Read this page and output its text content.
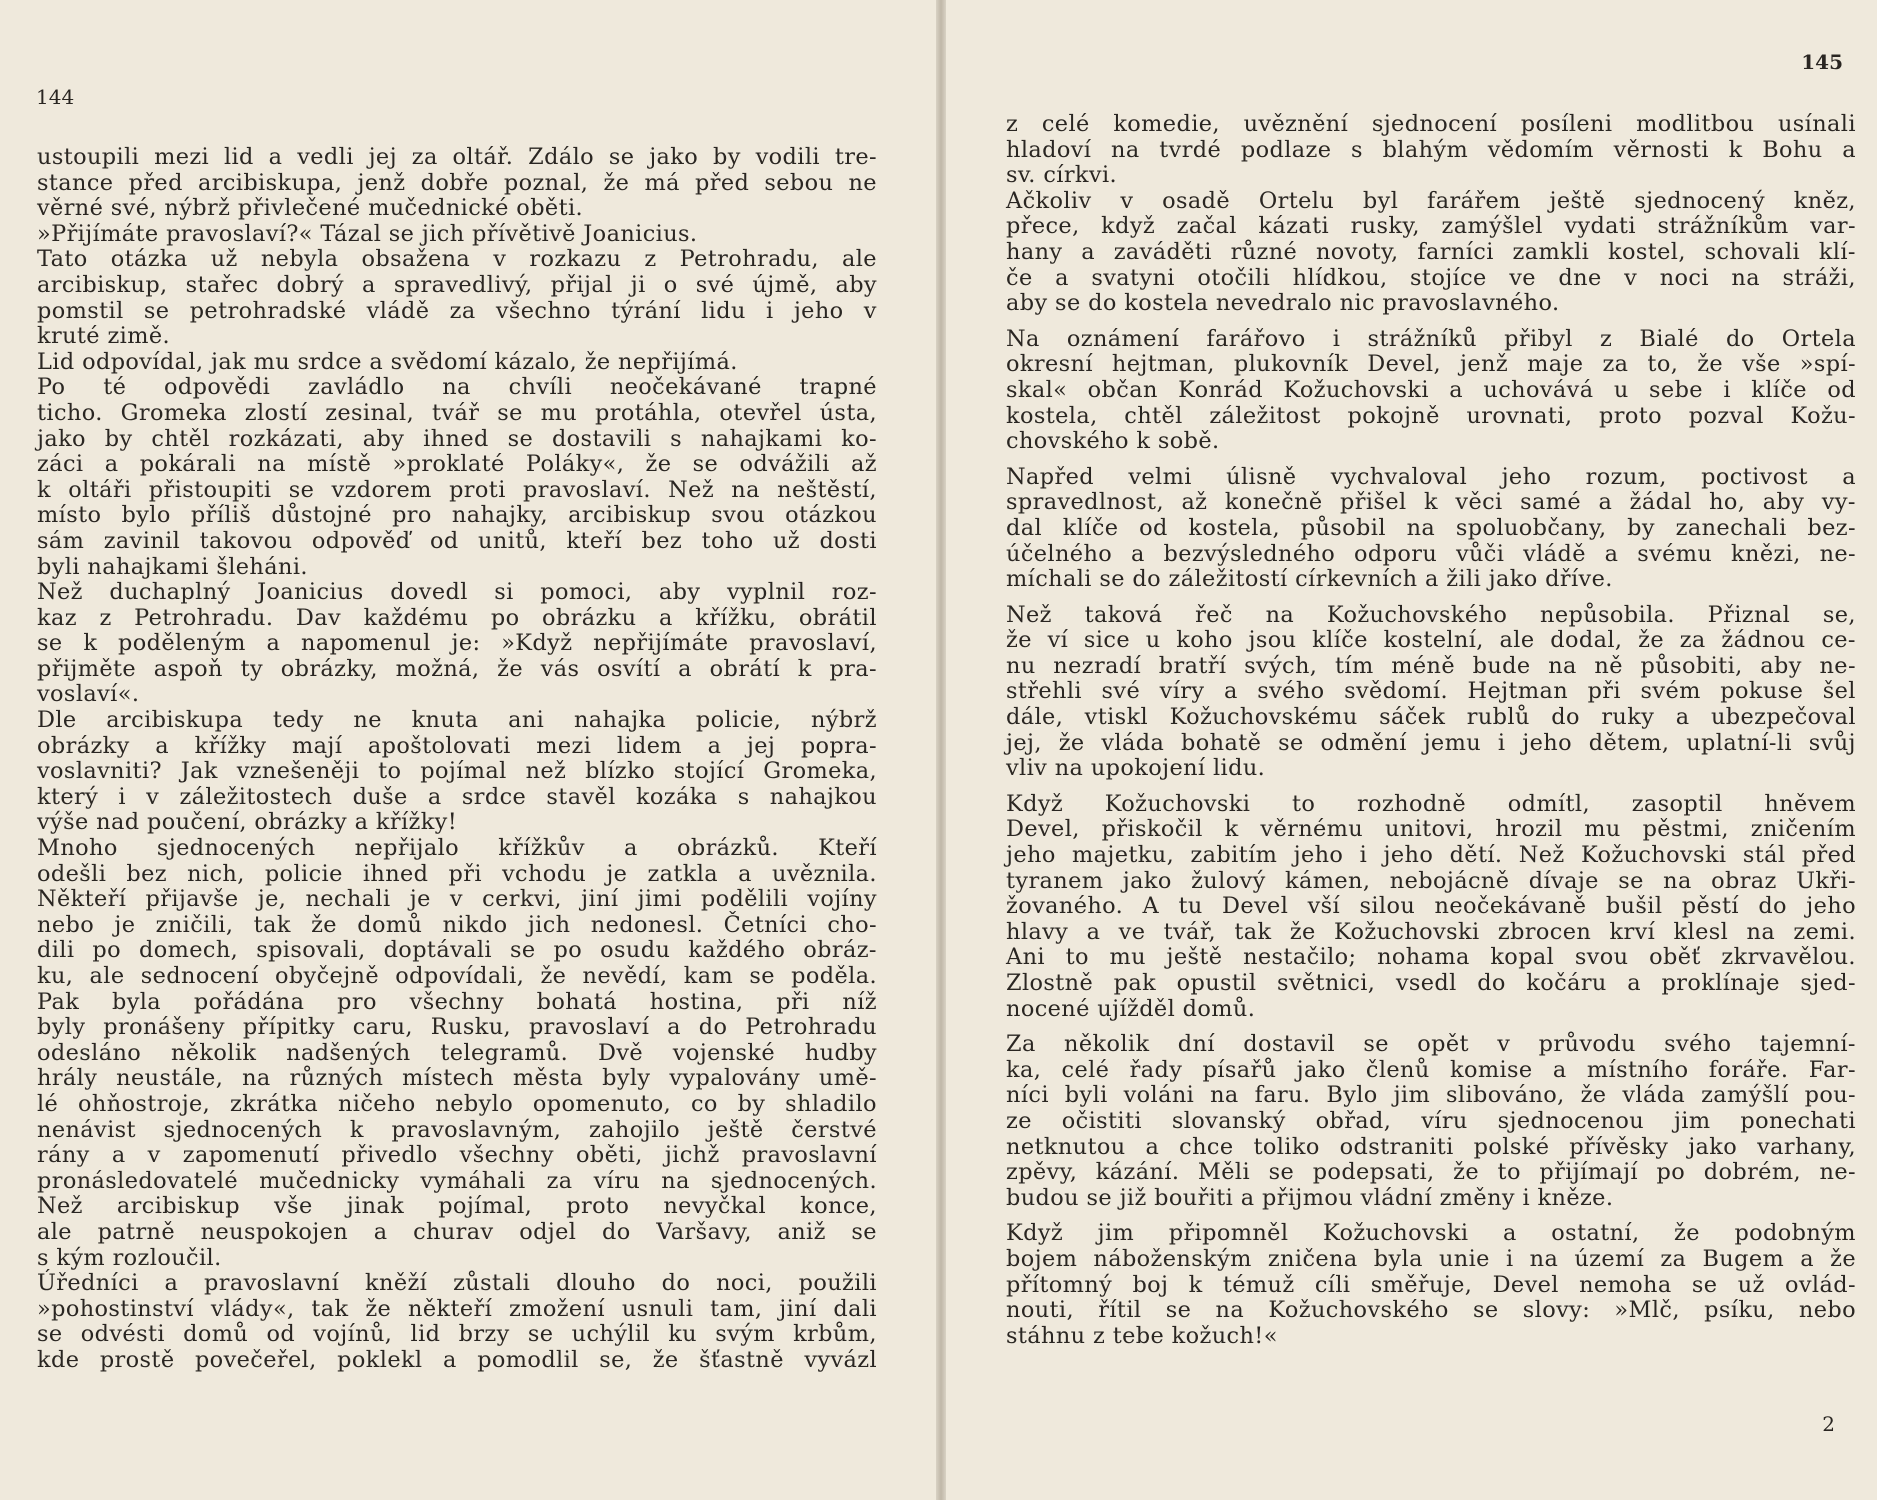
144
ustoupili mezi lid a vedli jej za oltář. Zdálo se jako by vodili tre-
stance před arcibiskupa, jenž dobře poznal, že má před sebou ne
věrné své, nýbrž přivlečené mučednické oběti.
»Přijímáte pravoslaví?« Tázal se jich přívětivě Joanicius.
Tato otázka už nebyla obsažena v rozkazu z Petrohradu, ale
arcibiskup, stařec dobrý a spravedlivý, přijal ji o své újmě, aby
pomstil se petrohradské vládě za všechno týrání lidu i jeho v
kruté zimě.
Lid odpovídal, jak mu srdce a svědomí kázalo, že nepřijímá.
Po té odpovědi zavládlo na chvíli neočekávané trapné
ticho. Gromeka zlostí zesinal, tvář se mu protáhla, otevřel ústa,
jako by chtěl rozkázati, aby ihned se dostavili s nahajkami ko-
záci a pokárali na místě »proklaté Poláky«, že se odvážili až
k oltáři přistoupiti se vzdorem proti pravoslaví. Než na neštěstí,
místo bylo příliš důstojné pro nahajky, arcibiskup svou otázkou
sám zavinil takovou odpověď od unitů, kteří bez toho už dosti
byli nahajkami šleháni.
Než duchaplný Joanicius dovedl si pomoci, aby vyplnil roz-
kaz z Petrohradu. Dav každému po obrázku a křížku, obrátil
se k poděleným a napomenul je: »Když nepřijímáte pravoslaví,
přijměte aspoň ty obrázky, možná, že vás osvítí a obrátí k pra-
voslaví«.
Dle arcibiskupa tedy ne knuta ani nahajka policie, nýbrž
obrázky a křížky mají apoštolovati mezi lidem a jej popra-
voslavniti? Jak vznešeněji to pojímal než blízko stojící Gromeka,
který i v záležitostech duše a srdce stavěl kozáka s nahajkou
výše nad poučení, obrázky a křížky!
Mnoho sjednocených nepřijalo křížkův a obrázků. Kteří
odešli bez nich, policie ihned při vchodu je zatkla a uvěznila.
Někteří přijavše je, nechali je v cerkvi, jiní jimi podělili vojíny
nebo je zničili, tak že domů nikdo jich nedonesl. Četníci cho-
dili po domech, spisovali, doptávali se po osudu každého obráz-
ku, ale sednocení obyčejně odpovídali, že nevědí, kam se poděla.
Pak byla pořádána pro všechny bohatá hostina, při níž
byly pronášeny přípitky caru, Rusku, pravoslaví a do Petrohradu
odesláno několik nadšených telegramů. Dvě vojenské hudby
hrály neustále, na různých místech města byly vypalovány umě-
lé ohňostroje, zkrátka ničeho nebylo opomenuto, co by shladilo
nenávist sjednocených k pravoslavným, zahojilo ještě čerstvé
rány a v zapomenutí přivedlo všechny oběti, jichž pravoslavní
pronásledovatelé mučednicky vymáhali za víru na sjednocených.
Než arcibiskup vše jinak pojímal, proto nevyčkal konce,
ale patrně neuspokojen a churav odjel do Varšavy, aniž se
s kým rozloučil.
Úředníci a pravoslavní kněží zůstali dlouho do noci, použili
»pohostinství vlády«, tak že někteří zmožení usnuli tam, jiní dali
se odvésti domů od vojínů, lid brzy se uchýlil ku svým krbům,
kde prostě povečeřel, poklekl a pomodlil se, že šťastně vyvázl
145
z celé komedie, uvěznění sjednocení posíleni modlitbou usínali
hladoví na tvrdé podlaze s blahým vědomím věrnosti k Bohu a
sv. církvi.
Ačkoliv v osadě Ortelu byl farářem ještě sjednocený kněz,
přece, když začal kázati rusky, zamýšlel vydati strážníkům var-
hany a zaváděti různé novoty, farníci zamkli kostel, schovali klí-
če a svatyni otočili hlídkou, stojíce ve dne v noci na stráži,
aby se do kostela nevedralo nic pravoslavného.
Na oznámení farářovo i strážníků přibyl z Bialé do Ortela
okresní hejtman, plukovník Devel, jenž maje za to, že vše »spí-
skal« občan Konrád Kožuchovski a uchovává u sebe i klíče od
kostela, chtěl záležitost pokojně urovnati, proto pozval Kožu-
chovského k sobě.
Napřed velmi úlisně vychvaloval jeho rozum, poctivost a
spravedlnost, až konečně přišel k věci samé a žádal ho, aby vy-
dal klíče od kostela, působil na spoluobčany, by zanechali bez-
účelného a bezvýsledného odporu vůči vládě a svému knězi, ne-
míchali se do záležitostí církevních a žili jako dříve.
Než taková řeč na Kožuchovského nepůsobila. Přiznal se,
že ví sice u koho jsou klíče kostelní, ale dodal, že za žádnou ce-
nu nezradí bratří svých, tím méně bude na ně působiti, aby ne-
střehli své víry a svého svědomí. Hejtman při svém pokuse šel
dále, vtiskl Kožuchovskému sáček rublů do ruky a ubezpečoval
jej, že vláda bohatě se odmění jemu i jeho dětem, uplatní-li svůj
vliv na upokojení lidu.
Když Kožuchovski to rozhodně odmítl, zasoptil hněvem
Devel, přiskočil k věrnému unitovi, hrozil mu pěstmi, zničením
jeho majetku, zabitím jeho i jeho dětí. Než Kožuchovski stál před
tyranem jako žulový kámen, nebojácně dívaje se na obraz Ukři-
žovaného. A tu Devel vší silou neočekávaně bušil pěstí do jeho
hlavy a ve tvář, tak že Kožuchovski zbrocen krví klesl na zemi.
Ani to mu ještě nestačilo; nohama kopal svou oběť zkrvavělou.
Zlostně pak opustil světnici, vsedl do kočáru a proklínaje sjed-
nocené ujížděl domů.
Za několik dní dostavil se opět v průvodu svého tajemní-
ka, celé řady písařů jako členů komise a místního foráře. Far-
níci byli voláni na faru. Bylo jim slibováno, že vláda zamýšlí pou-
ze očistiti slovanský obřad, víru sjednocenou jim ponechati
netknutou a chce toliko odstraniti polské přívěsky jako varhany,
zpěvy, kázání. Měli se podepsati, že to přijímají po dobrém, ne-
budou se již bouřiti a přijmou vládní změny i kněze.
Když jim připomněl Kožuchovski a ostatní, že podobným
bojem náboženským zničena byla unie i na území za Bugem a že
přítomný boj k témuž cíli směřuje, Devel nemoha se už ovlád-
nouti, řítil se na Kožuchovského se slovy: »Mlč, psíku, nebo
stáhnu z tebe kožuch!«
2
